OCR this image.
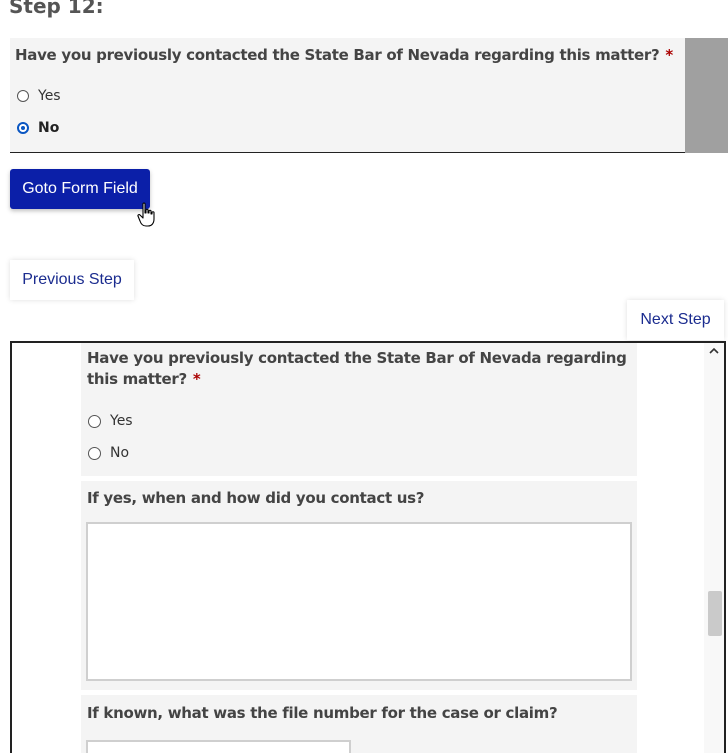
Step 12:
Have you previously contacted the State Bar of Nevada regarding this matter? *
Yes
No
Goto Form Field
Previous Step
Next Step
Have you previously contacted the State Bar of Nevada regarding
this matter? *
Yes
No
If yes, when and how did you contact us?
If known, what was the file number for the case or claim?
